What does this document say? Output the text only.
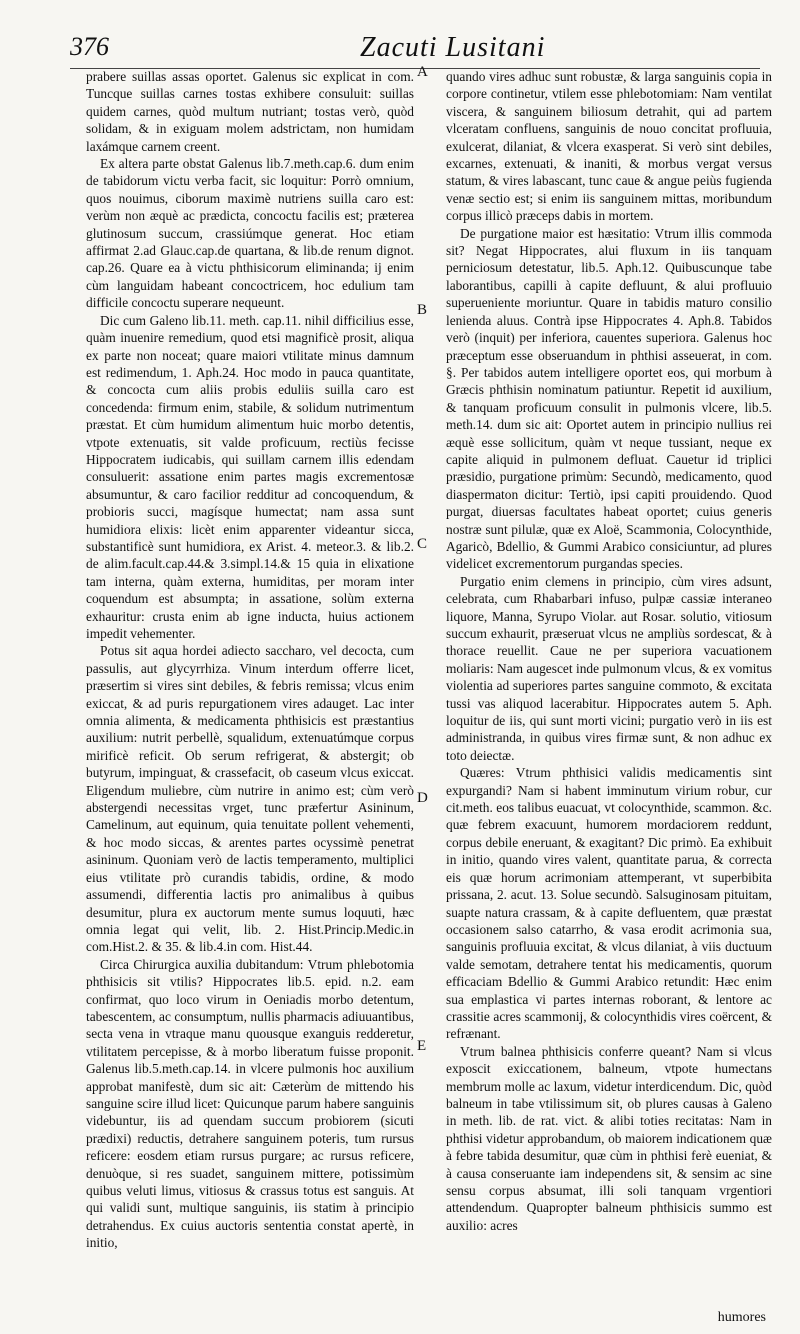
376	Zacuti Lusitani

prabere suillas assas oportet. Galenus sic explicat in com. Tuncque suillas carnes tostas exhibere consuluit: suillas quidem carnes, quòd multum nutriant; tostas verò, quòd solidam, & in exiguam molem adstrictam, non humidam laxámque carnem creent.

Ex altera parte obstat Galenus lib.7.meth.cap.6. dum enim de tabidorum victu verba facit, sic loquitur: Porrò omnium, quos nouimus, ciborum maximè nutriens suilla caro est: verùm non æquè ac prædicta, concoctu facilis est; præterea glutinosum succum, crassiúmque generat. Hoc etiam affirmat 2.ad Glauc.cap.de quartana, & lib.de renum dignot. cap.26. Quare ea à victu phthisicorum eliminanda; ij enim cùm languidam habeant concoctricem, hoc edulium tam difficile concoctu superare nequeunt.

Dic cum Galeno lib.11. meth. cap.11. nihil difficilius esse, quàm inuenire remedium, quod etsi magnificè prosit, aliqua ex parte non noceat; quare maiori vtilitate minus damnum est redimendum, 1. Aph.24. Hoc modo in pauca quantitate, & concocta cum aliis probis eduliis suilla caro est concedenda: firmum enim, stabile, & solidum nutrimentum præstat. Et cùm humidum alimentum huic morbo detentis, vtpote extenuatis, sit valde proficuum, rectiùs fecisse Hippocratem iudicabis, qui suillam carnem illis edendam consuluerit: assatione enim partes magis excrementosæ absumuntur, & caro facilior redditur ad concoquendum, & probioris succi, magísque humectat; nam assa sunt humidiora elixis: licèt enim apparenter videantur sicca, substantificè sunt humidiora, ex Arist. 4. meteor.3. & lib.2. de alim.facult.cap.44.& 3.simpl.14.& 15 quia in elixatione tam interna, quàm externa, humiditas, per moram inter coquendum est absumpta; in assatione, solùm externa exhauritur: crusta enim ab igne inducta, huius actionem impedit vehementer.

Potus sit aqua hordei adiecto saccharo, vel decocta, cum passulis, aut glycyrrhiza. Vinum interdum offerre licet, præsertim si vires sint debiles, & febris remissa; vlcus enim exiccat, & ad puris repurgationem vires adauget. Lac inter omnia alimenta, & medicamenta phthisicis est præstantius auxilium: nutrit perbellè, squalidum, extenuatúmque corpus mirificè reficit. Ob serum refrigerat, & abstergit; ob butyrum, impinguat, & crassefacit, ob caseum vlcus exiccat. Eligendum muliebre, cùm nutrire in animo est; cùm verò abstergendi necessitas vrget, tunc præfertur Asininum, Camelinum, aut equinum, quia tenuitate pollent vehementi, & hoc modo siccas, & arentes partes ocyssimè penetrat asininum. Quoniam verò de lactis temperamento, multiplici eius vtilitate prò curandis tabidis, ordine, & modo assumendi, differentia lactis pro animalibus à quibus desumitur, plura ex auctorum mente sumus loquuti, hæc omnia legat qui velit, lib. 2. Hist.Princip.Medic.in com.Hist.2. & 35. & lib.4.in com. Hist.44.

Circa Chirurgica auxilia dubitandum: Vtrum phlebotomia phthisicis sit vtilis? Hippocrates lib.5. epid. n.2. eam confirmat, quo loco virum in Oeniadis morbo detentum, tabescentem, ac consumptum, nullis pharmacis adiuuantibus, secta vena in vtraque manu quousque exanguis redderetur, vtilitatem percepisse, & à morbo liberatum fuisse proponit. Galenus lib.5.meth.cap.14. in vlcere pulmonis hoc auxilium approbat manifestè, dum sic ait: Cæterùm de mittendo his sanguine scire illud licet: Quicunque parum habere sanguinis videbuntur, iis ad quendam succum probiorem (sicuti prædixi) reductis, detrahere sanguinem poteris, tum rursus reficere: eosdem etiam rursus purgare; ac rursus reficere, denuòque, si res suadet, sanguinem mittere, potissimùm quibus veluti limus, vitiosus & crassus totus est sanguis. At qui validi sunt, multique sanguinis, iis statim à principio detrahendus. Ex cuius auctoris sententia constat apertè, in initio,

quando vires adhuc sunt robustæ, & larga sanguinis copia in corpore continetur, vtilem esse phlebotomiam: Nam ventilat viscera, & sanguinem biliosum detrahit, qui ad partem vlceratam confluens, sanguinis de nouo concitat profluuia, exulcerat, dilaniat, & vlcera exasperat. Si verò sint debiles, excarnes, extenuati, & inaniti, & morbus vergat versus statum, & vires labascant, tunc caue & angue peiùs fugienda venæ sectio est; si enim iis sanguinem mittas, moribundum corpus illicò præceps dabis in mortem.

De purgatione maior est hæsitatio: Vtrum illis commoda sit? Negat Hippocrates, alui fluxum in iis tanquam perniciosum detestatur, lib.5. Aph.12. Quibuscunque tabe laborantibus, capilli à capite defluunt, & alui profluuio superueniente moriuntur. Quare in tabidis maturo consilio lenienda aluus. Contrà ipse Hippocrates 4. Aph.8. Tabidos verò (inquit) per inferiora, cauentes superiora. Galenus hoc præceptum esse obseruandum in phthisi asseuerat, in com. §. Per tabidos autem intelligere oportet eos, qui morbum à Græcis phthisin nominatum patiuntur. Repetit id auxilium, & tanquam proficuum consulit in pulmonis vlcere, lib.5. meth.14. dum sic ait: Oportet autem in principio nullius rei æquè esse sollicitum, quàm vt neque tussiant, neque ex capite aliquid in pulmonem defluat. Cauetur id triplici præsidio, purgatione primùm: Secundò, medicamento, quod diaspermaton dicitur: Tertiò, ipsi capiti prouidendo. Quod purgat, diuersas facultates habeat oportet; cuius generis nostræ sunt pilulæ, quæ ex Aloë, Scammonia, Colocynthide, Agaricò, Bdellio, & Gummi Arabico consiciuntur, ad plures videlicet excrementorum purgandas species.

Purgatio enim clemens in principio, cùm vires adsunt, celebrata, cum Rhabarbari infuso, pulpæ cassiæ interaneo liquore, Manna, Syrupo Violar. aut Rosar. solutio, vitiosum succum exhaurit, præseruat vlcus ne ampliùs sordescat, & à thorace reuellit. Caue ne per superiora vacuationem moliaris: Nam augescet inde pulmonum vlcus, & ex vomitus violentia ad superiores partes sanguine commoto, & excitata tussi vas aliquod lacerabitur. Hippocrates autem 5. Aph. loquitur de iis, qui sunt morti vicini; purgatio verò in iis est administranda, in quibus vires firmæ sunt, & non adhuc ex toto deiectæ.

Quæres: Vtrum phthisici validis medicamentis sint expurgandi? Nam si habent imminutum virium robur, cur cit.meth. eos talibus euacuat, vt colocynthide, scammon. &c. quæ febrem exacuunt, humorem mordaciorem reddunt, corpus debile eneruant, & exagitant? Dic primò. Ea exhibuit in initio, quando vires valent, quantitate parua, & correcta eis quæ horum acrimoniam attemperant, vt superbibita prissana, 2. acut. 13. Solue secundò. Salsuginosam pituitam, suapte natura crassam, & à capite defluentem, quæ præstat occasionem salso catarrho, & vasa erodit acrimonia sua, sanguinis profluuia excitat, & vlcus dilaniat, à viis ductuum valde semotam, detrahere tentat his medicamentis, quorum efficaciam Bdellio & Gummi Arabico retundit: Hæc enim sua emplastica vi partes internas roborant, & lentore ac crassitie acres scammonij, & colocynthidis vires coërcent, & refrænant.

Vtrum balnea phthisicis conferre queant? Nam si vlcus exposcit exiccationem, balneum, vtpote humectans membrum molle ac laxum, videtur interdicendum. Dic, quòd balneum in tabe vtilissimum sit, ob plures causas à Galeno in meth. lib. de rat. vict. & alibi toties recitatas: Nam in phthisi videtur approbandum, ob maiorem indicationem quæ à febre tabida desumitur, quæ cùm in phthisi ferè eueniat, & à causa conseruante iam independens sit, & sensim ac sine sensu corpus absumat, illi soli tanquam vrgentiori attendendum. Quapropter balneum phthisicis summo est auxilio: acres

A
B
C
D
E
humores
